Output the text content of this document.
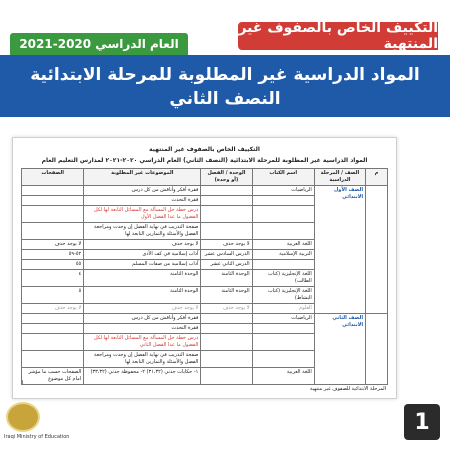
التكييف الخاص بالصفوف غير المنتهية
العام الدراسي 2020-2021
المواد الدراسية غير المطلوبة للمرحلة الابتدائية
النصف الثاني
التكييف الخاص بالصفوف غير المنتهية
المواد الدراسية غير المطلوبة للمرحلة الابتدائية (النصف الثاني) العام الدراسي ٢٠٢٠-٢٠٢١ لمدارس التعليم العام
م	الصف / المرحلة الدراسية	اسم الكتاب	الوحدة / الفصل (أو وحدة)	الموضوعات غير المطلوبة	الصفحات
	الصف الأول الابتدائي	الرياضيات		فقرة أفكر وأناقش من كل درس	
				فقرة التحدث	
				درس خطة حل المسألة مع المسائل التابعة لها لكل الفصول ما عدا الفصل الأول	
				صفحة التدريب في نهاية الفصل إن وجدت ومراجعة الفصل والأسئلة والتمارين التابعة لها	
		اللغة العربية	لا يوجد حذف	لا يوجد حذف	لا يوجد حذف
		التربية الإسلامية	الدرس السادس عشر	آداب إسلامية في كف الأذى	٥٢-٥٩
			الدرس الثاني عشر	آداب إسلامية من صفات المسلم	٥٥
		اللغة الإنجليزية (كتاب الطالب)	الوحدة الثامنة	الوحدة الثامنة	٤
		اللغة الإنجليزية (كتاب النشاط)	الوحدة الثامنة	الوحدة الثامنة	٥
		العلوم	لا يوجد حذف	لا يوجد حذف	لا يوجد حذف
	الصف الثاني الابتدائي	الرياضيات		فقرة أفكر وأناقش من كل درس	
				فقرة التحدث	
				درس خطة حل المسألة مع المسائل التابعة لها لكل الفصول ما عدا الفصل الثاني	
				صفحة التدريب في نهاية الفصل إن وجدت ومراجعة الفصل والأسئلة والتمارين التابعة لها	
		اللغة العربية		١- حكايات جدتي (٣١،٣٢) ٢- محفوظة جدتي (٣٣،٣٢)	الصفحات حسب ما مؤشر امام كل موضوع
١
المرحلة الابتدائية للصفوف غير منتهية
Iraqi Ministry of Education
1
